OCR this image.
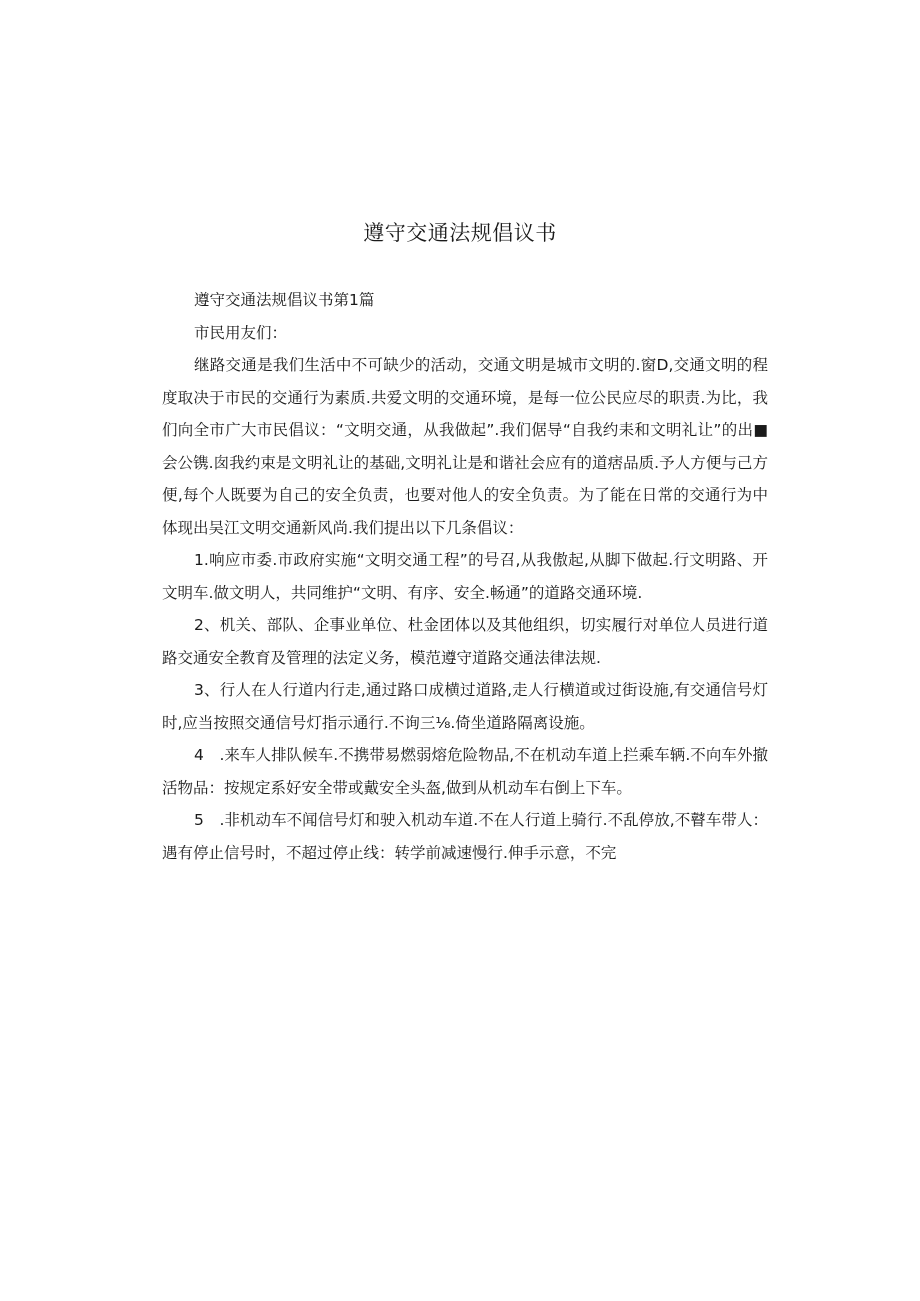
遵守交通法规倡议书

遵守交通法规倡议书第1篇

市民用友们：

继路交通是我们生活中不可缺少的活动，交通文明是城市文明的.窗D,交通文明的程度取决于市民的交通行为素质.共爱文明的交通环境，是每一位公民应尽的职责.为比，我们向全市广大市民倡议：“文明交通，从我做起”.我们倨导“自我约耒和文明礼让”的出■会公镌.囱我约束是文明礼让的基础,文明礼让是和谐社会应有的道痞品质.予人方便与己方便,每个人既要为自己的安全负责，也要对他人的安全负责。为了能在日常的交通行为中体现出吴江文明交通新风尚.我们提出以下几条倡议：

1.响应市委.市政府实施“文明交通工程”的号召,从我傲起,从脚下做起.行文明路、开文明车.做文明人，共同维护“文明、有序、安全.畅通”的道路交通环境.

2、机关、部队、企事业单位、杜金团体以及其他组织，切实履行对单位人员进行道路交通安全教育及管理的法定义务，模范遵守道路交通法律法规.

3、行人在人行道内行走,通过路口成横过道路,走人行横道或过街设施,有交通信号灯时,应当按照交通信号灯指示通行.不询三⅛.倚坐道路隔离设施。

4　.来车人排队候车.不携带易燃弱熔危险物品,不在机动车道上拦乘车辆.不向车外撤活物品：按规定系好安全带或戴安全头盔,做到从机动车右倒上下车。

5　.非机动车不闻信号灯和驶入机动车道.不在人行道上骑行.不乱停放,不瞽车带人：遇有停止信号时，不超过停止线：转学前减速慢行.伸手示意，不完
